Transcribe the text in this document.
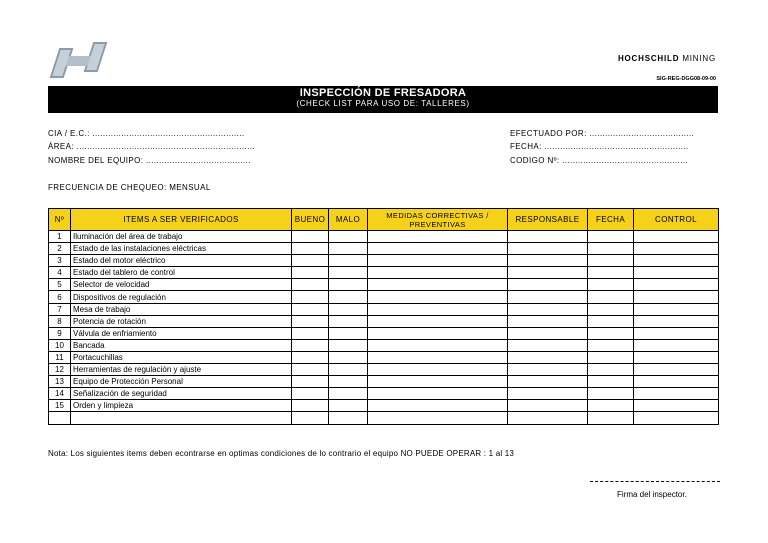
HOCHSCHILD MINING
SIG-REG-DGG08-09-00
INSPECCIÓN DE FRESADORA
(CHECK LIST PARA USO DE: TALLERES)
CIA / E.C.: ..........................................................
ÁREA: ....................................................................
NOMBRE DEL EQUIPO: ........................................
EFECTUADO POR: ........................................
FECHA: .......................................................
CODIGO Nº: ................................................
FRECUENCIA DE CHEQUEO: MENSUAL
Nº	ITEMS A SER VERIFICADOS	BUENO	MALO	MEDIDAS CORRECTIVAS / PREVENTIVAS	RESPONSABLE	FECHA	CONTROL
1	Iluminación del área de trabajo						
2	Estado de las instalaciones eléctricas						
3	Estado del motor eléctrico						
4	Estado del tablero de control						
5	Selector de velocidad						
6	Dispositivos de regulación						
7	Mesa de trabajo						
8	Potencia de rotación						
9	Válvula de enfriamiento						
10	Bancada						
11	Portacuchillas						
12	Herramientas de regulación y ajuste						
13	Equipo de Protección Personal						
14	Señalización de seguridad						
15	Orden y limpieza						

Nota: Los siguientes items deben econtrarse en optimas condiciones de lo contrario el equipo NO PUEDE OPERAR : 1 al 13
Firma del inspector.
